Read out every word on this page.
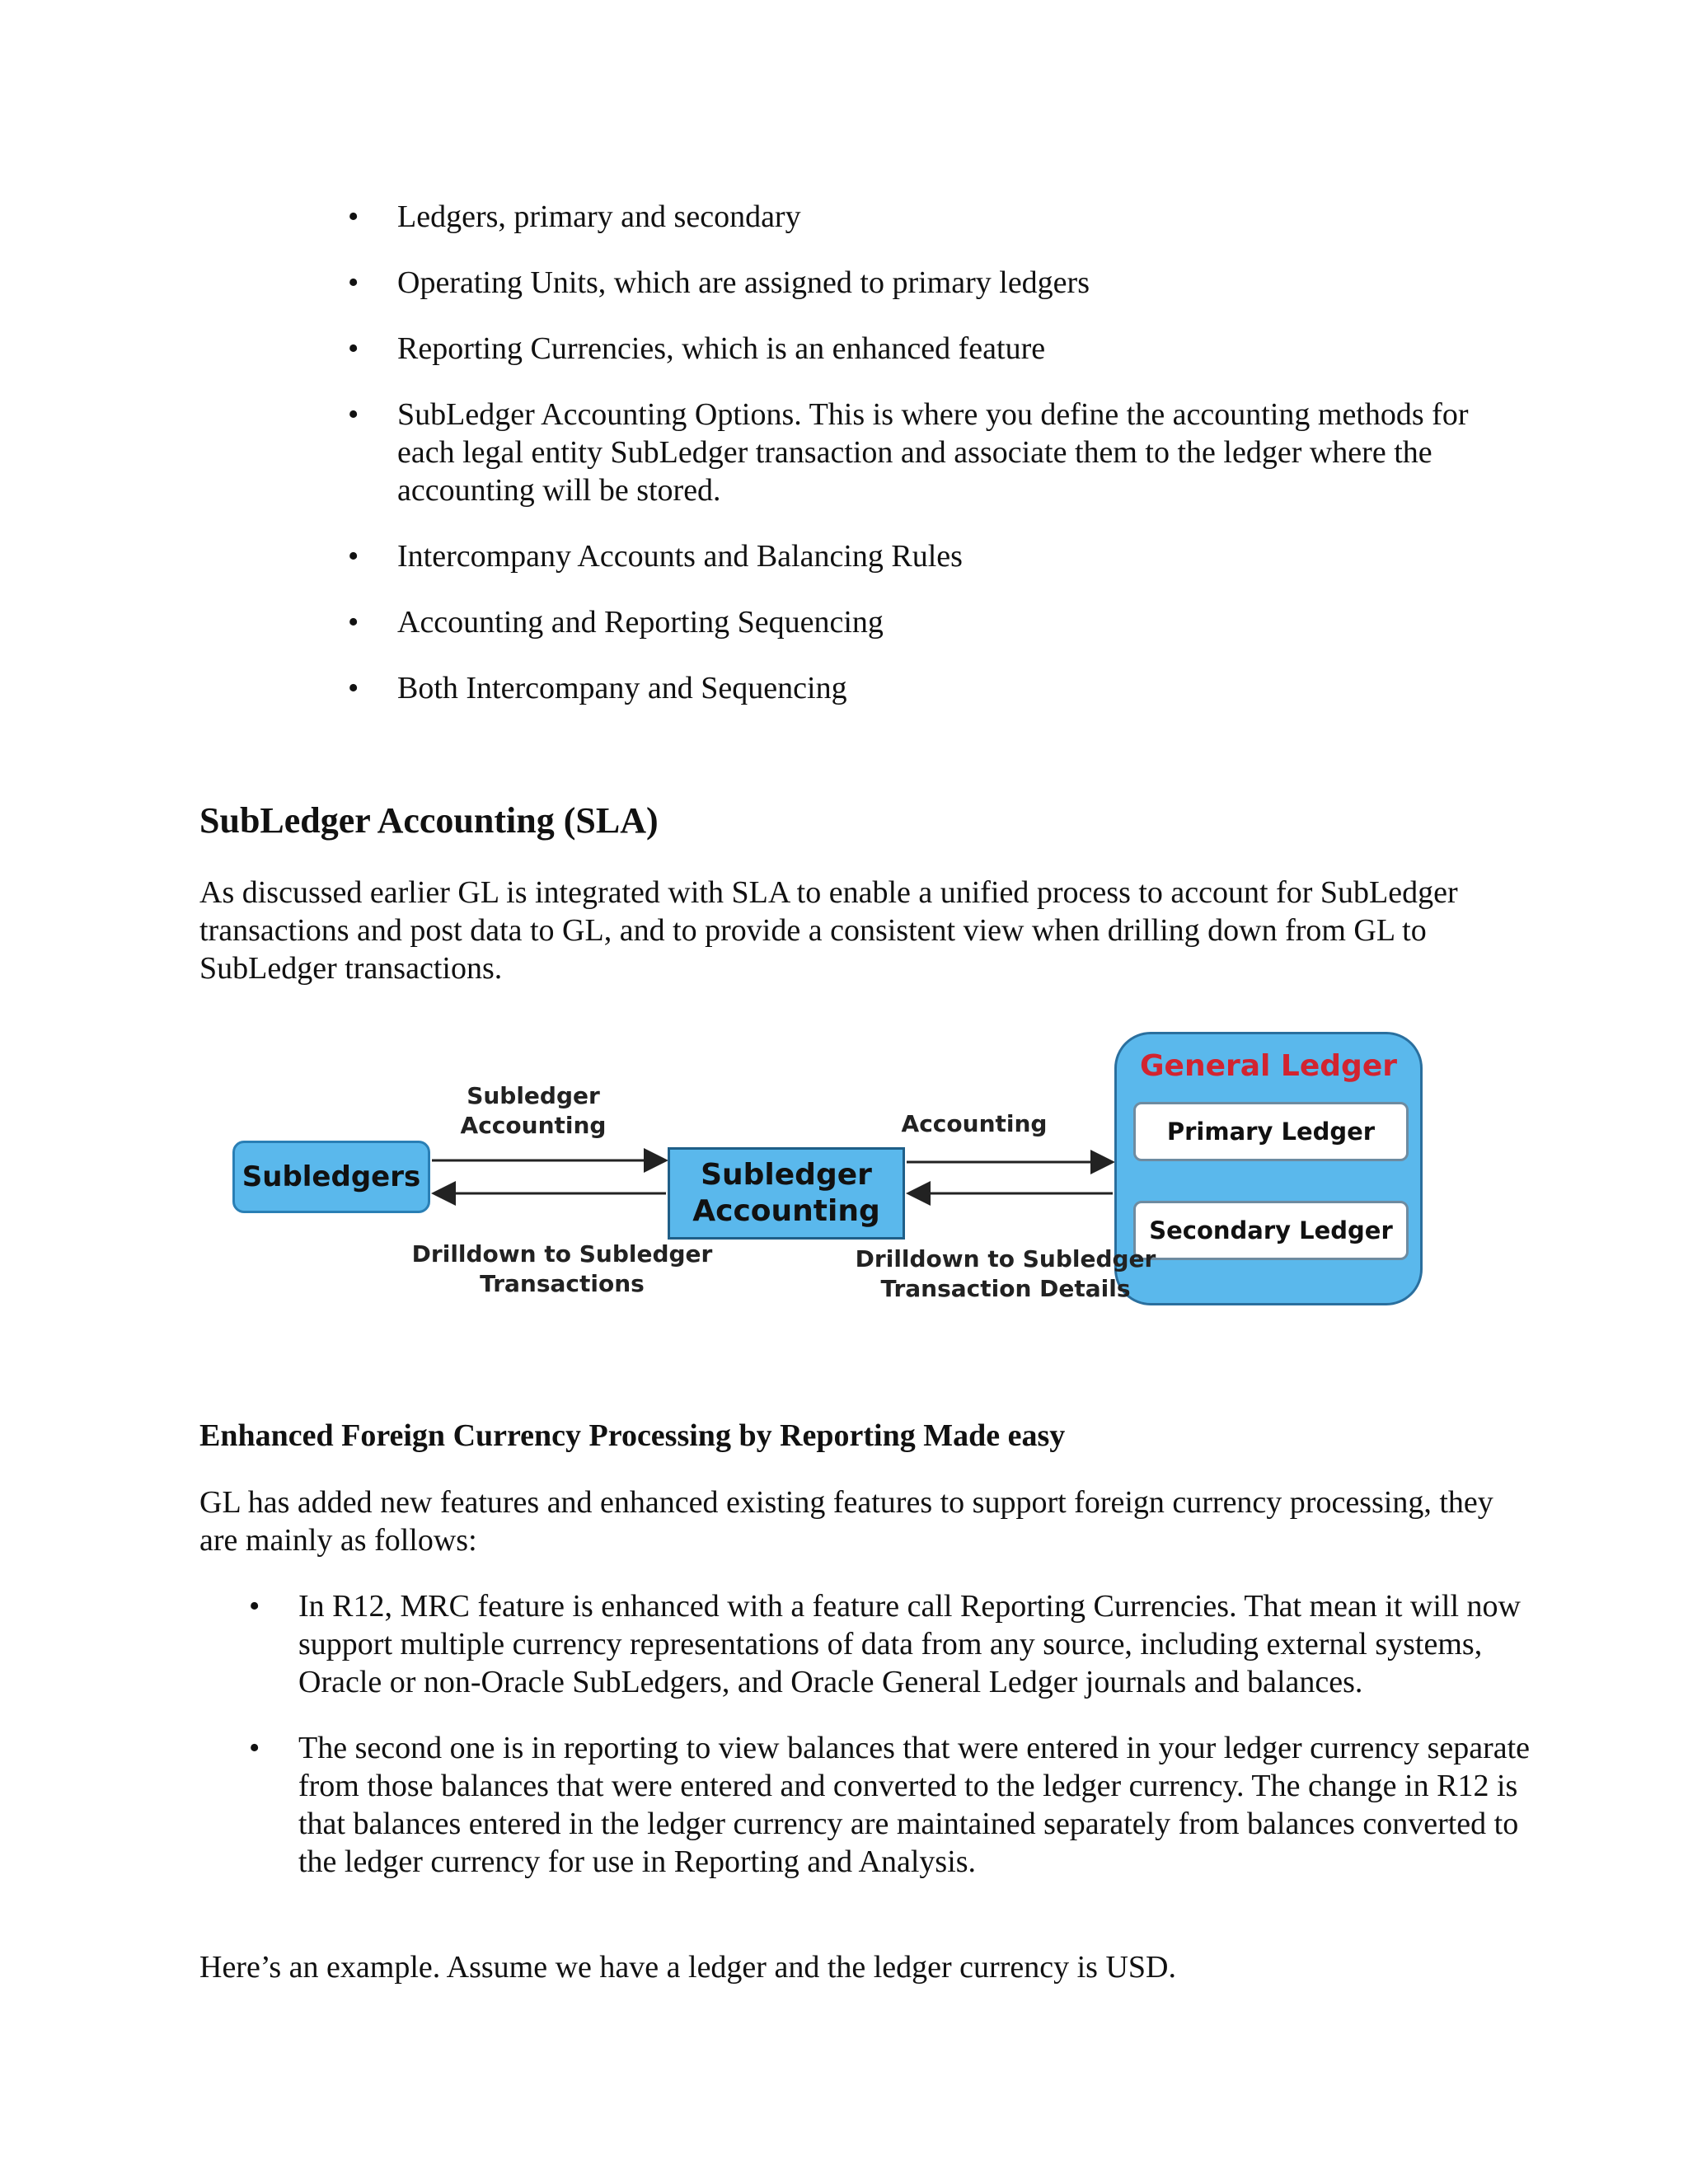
• Ledgers, primary and secondary
• Operating Units, which are assigned to primary ledgers
• Reporting Currencies, which is an enhanced feature
• SubLedger Accounting Options. This is where you define the accounting methods for each legal entity SubLedger transaction and associate them to the ledger where the accounting will be stored.
• Intercompany Accounts and Balancing Rules
• Accounting and Reporting Sequencing
• Both Intercompany and Sequencing
SubLedger Accounting (SLA)

As discussed earlier GL is integrated with SLA to enable a unified process to account for SubLedger transactions and post data to GL, and to provide a consistent view when drilling down from GL to SubLedger transactions.

Subledgers	Subledger
Accounting
General Ledger
Primary Ledger
Secondary Ledger
Subledger
Accounting	Accounting
Drilldown to Subledger
Transactions
Drilldown to Subledger
Transaction Details
Enhanced Foreign Currency Processing by Reporting Made easy

GL has added new features and enhanced existing features to support foreign currency processing, they are mainly as follows:

• In R12, MRC feature is enhanced with a feature call Reporting Currencies. That mean it will now support multiple currency representations of data from any source, including external systems, Oracle or non-Oracle SubLedgers, and Oracle General Ledger journals and balances.
• The second one is in reporting to view balances that were entered in your ledger currency separate from those balances that were entered and converted to the ledger currency. The change in R12 is that balances entered in the ledger currency are maintained separately from balances converted to the ledger currency for use in Reporting and Analysis.

Here’s an example. Assume we have a ledger and the ledger currency is USD.
